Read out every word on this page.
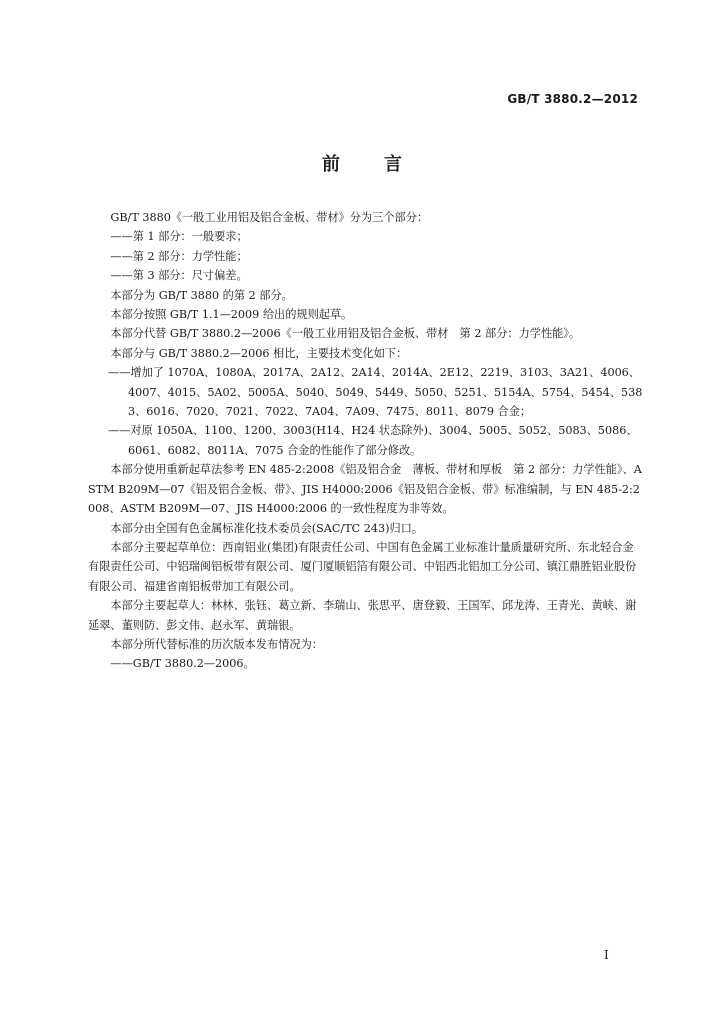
GB/T 3880.2—2012
前言

GB/T 3880《一般工业用铝及铝合金板、带材》分为三个部分：

——第 1 部分：一般要求；

——第 2 部分：力学性能；

——第 3 部分：尺寸偏差。

本部分为 GB/T 3880 的第 2 部分。

本部分按照 GB/T 1.1—2009 给出的规则起草。

本部分代替 GB/T 3880.2—2006《一般工业用铝及铝合金板、带材　第 2 部分：力学性能》。

本部分与 GB/T 3880.2—2006 相比，主要技术变化如下：

——增加了 1070A、1080A、2017A、2A12、2A14、2014A、2E12、2219、3103、3A21、4006、4007、4015、5A02、5005A、5040、5049、5449、5050、5251、5154A、5754、5454、5383、6016、7020、7021、7022、7A04、7A09、7475、8011、8079 合金；

——对原 1050A、1100、1200、3003(H14、H24 状态除外)、3004、5005、5052、5083、5086、6061、6082、8011A、7075 合金的性能作了部分修改。

本部分使用重新起草法参考 EN 485-2:2008《铝及铝合金　薄板、带材和厚板　第 2 部分：力学性能》、ASTM B209M—07《铝及铝合金板、带》、JIS H4000:2006《铝及铝合金板、带》标准编制，与 EN 485-2:2008、ASTM B209M—07、JIS H4000:2006 的一致性程度为非等效。

本部分由全国有色金属标准化技术委员会(SAC/TC 243)归口。

本部分主要起草单位：西南铝业(集团)有限责任公司、中国有色金属工业标准计量质量研究所、东北轻合金有限责任公司、中铝瑞闽铝板带有限公司、厦门厦顺铝箔有限公司、中铝西北铝加工分公司、镇江鼎胜铝业股份有限公司、福建省南铝板带加工有限公司。

本部分主要起草人：林林、张钰、葛立新、李瑞山、张思平、唐登毅、王国军、邱龙涛、王青光、黄峡、谢延翠、董则防、彭文伟、赵永军、黄瑞银。

本部分所代替标准的历次版本发布情况为：

——GB/T 3880.2—2006。

I
